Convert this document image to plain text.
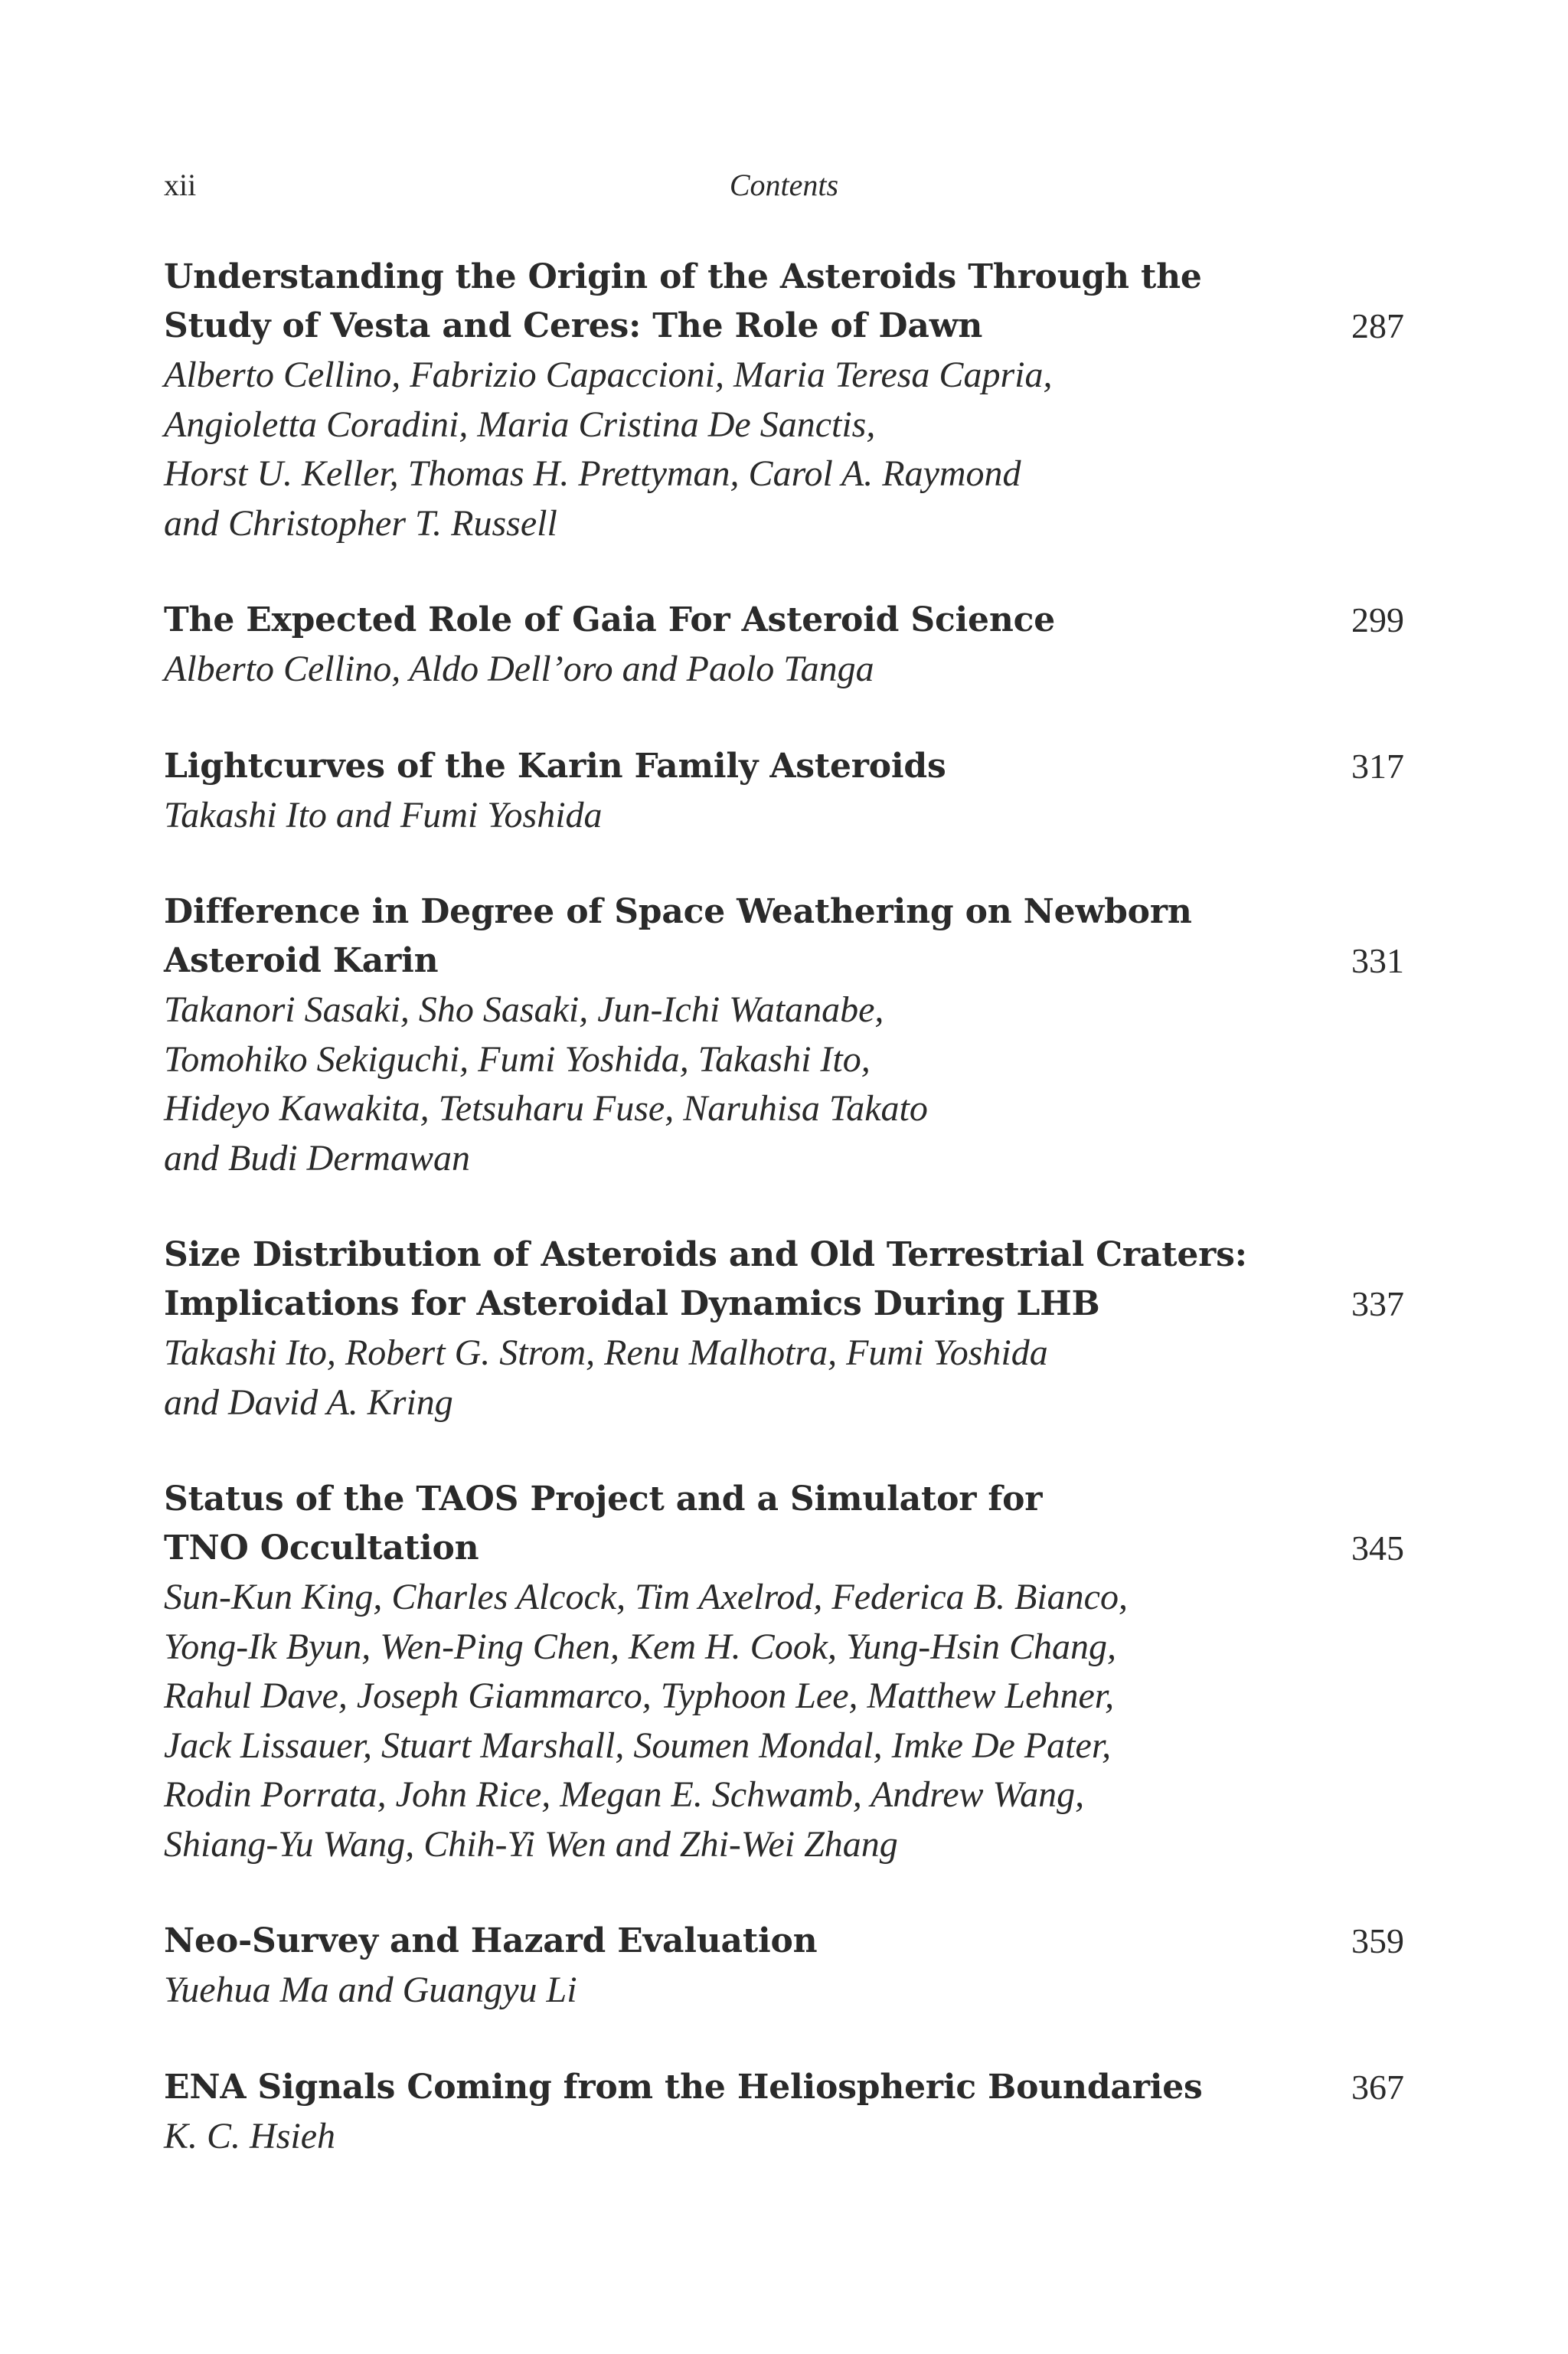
xii	Contents
Understanding the Origin of the Asteroids Through the
Study of Vesta and Ceres: The Role of Dawn	287
Alberto Cellino, Fabrizio Capaccioni, Maria Teresa Capria,
Angioletta Coradini, Maria Cristina De Sanctis,
Horst U. Keller, Thomas H. Prettyman, Carol A. Raymond
and Christopher T. Russell
The Expected Role of Gaia For Asteroid Science	299
Alberto Cellino, Aldo Dell’oro and Paolo Tanga
Lightcurves of the Karin Family Asteroids	317
Takashi Ito and Fumi Yoshida
Difference in Degree of Space Weathering on Newborn
Asteroid Karin	331
Takanori Sasaki, Sho Sasaki, Jun-Ichi Watanabe,
Tomohiko Sekiguchi, Fumi Yoshida, Takashi Ito,
Hideyo Kawakita, Tetsuharu Fuse, Naruhisa Takato
and Budi Dermawan
Size Distribution of Asteroids and Old Terrestrial Craters:
Implications for Asteroidal Dynamics During LHB	337
Takashi Ito, Robert G. Strom, Renu Malhotra, Fumi Yoshida
and David A. Kring
Status of the TAOS Project and a Simulator for
TNO Occultation	345
Sun-Kun King, Charles Alcock, Tim Axelrod, Federica B. Bianco,
Yong-Ik Byun, Wen-Ping Chen, Kem H. Cook, Yung-Hsin Chang,
Rahul Dave, Joseph Giammarco, Typhoon Lee, Matthew Lehner,
Jack Lissauer, Stuart Marshall, Soumen Mondal, Imke De Pater,
Rodin Porrata, John Rice, Megan E. Schwamb, Andrew Wang,
Shiang-Yu Wang, Chih-Yi Wen and Zhi-Wei Zhang
Neo-Survey and Hazard Evaluation	359
Yuehua Ma and Guangyu Li
ENA Signals Coming from the Heliospheric Boundaries	367
K. C. Hsieh
